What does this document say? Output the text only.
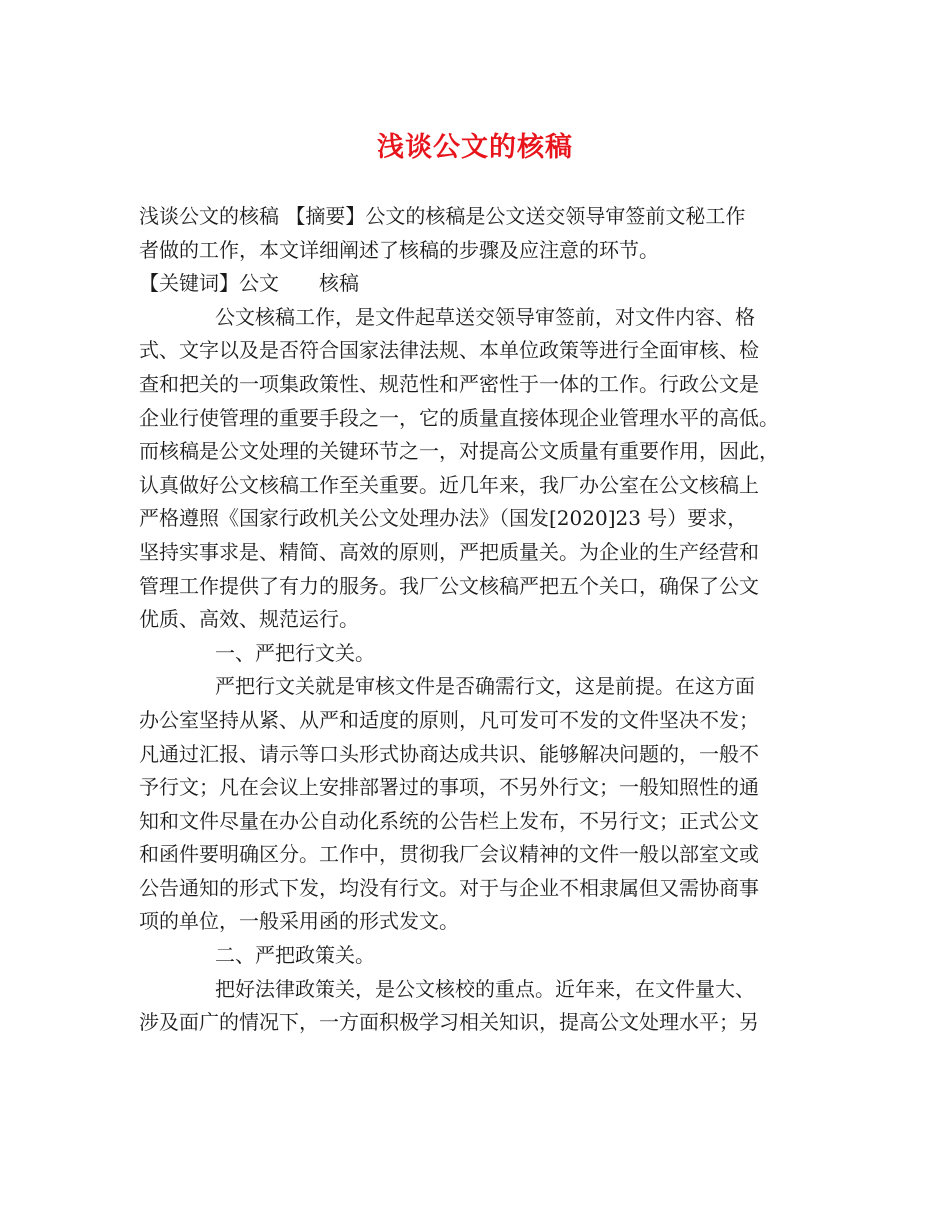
浅谈公文的核稿
浅谈公文的核稿 【摘要】公文的核稿是公文送交领导审签前文秘工作
者做的工作，本文详细阐述了核稿的步骤及应注意的环节。
【关键词】公文　　核稿
公文核稿工作，是文件起草送交领导审签前，对文件内容、格
式、文字以及是否符合国家法律法规、本单位政策等进行全面审核、检
查和把关的一项集政策性、规范性和严密性于一体的工作。行政公文是
企业行使管理的重要手段之一，它的质量直接体现企业管理水平的高低。
而核稿是公文处理的关键环节之一，对提高公文质量有重要作用，因此，
认真做好公文核稿工作至关重要。近几年来，我厂办公室在公文核稿上
严格遵照《国家行政机关公文处理办法》（国发[2020]23 号）要求，
坚持实事求是、精简、高效的原则，严把质量关。为企业的生产经营和
管理工作提供了有力的服务。我厂公文核稿严把五个关口，确保了公文
优质、高效、规范运行。
一、严把行文关。
严把行文关就是审核文件是否确需行文，这是前提。在这方面
办公室坚持从紧、从严和适度的原则，凡可发可不发的文件坚决不发；
凡通过汇报、请示等口头形式协商达成共识、能够解决问题的，一般不
予行文；凡在会议上安排部署过的事项，不另外行文；一般知照性的通
知和文件尽量在办公自动化系统的公告栏上发布，不另行文；正式公文
和函件要明确区分。工作中，贯彻我厂会议精神的文件一般以部室文或
公告通知的形式下发，均没有行文。对于与企业不相隶属但又需协商事
项的单位，一般采用函的形式发文。
二、严把政策关。
把好法律政策关，是公文核校的重点。近年来，在文件量大、
涉及面广的情况下，一方面积极学习相关知识，提高公文处理水平；另
